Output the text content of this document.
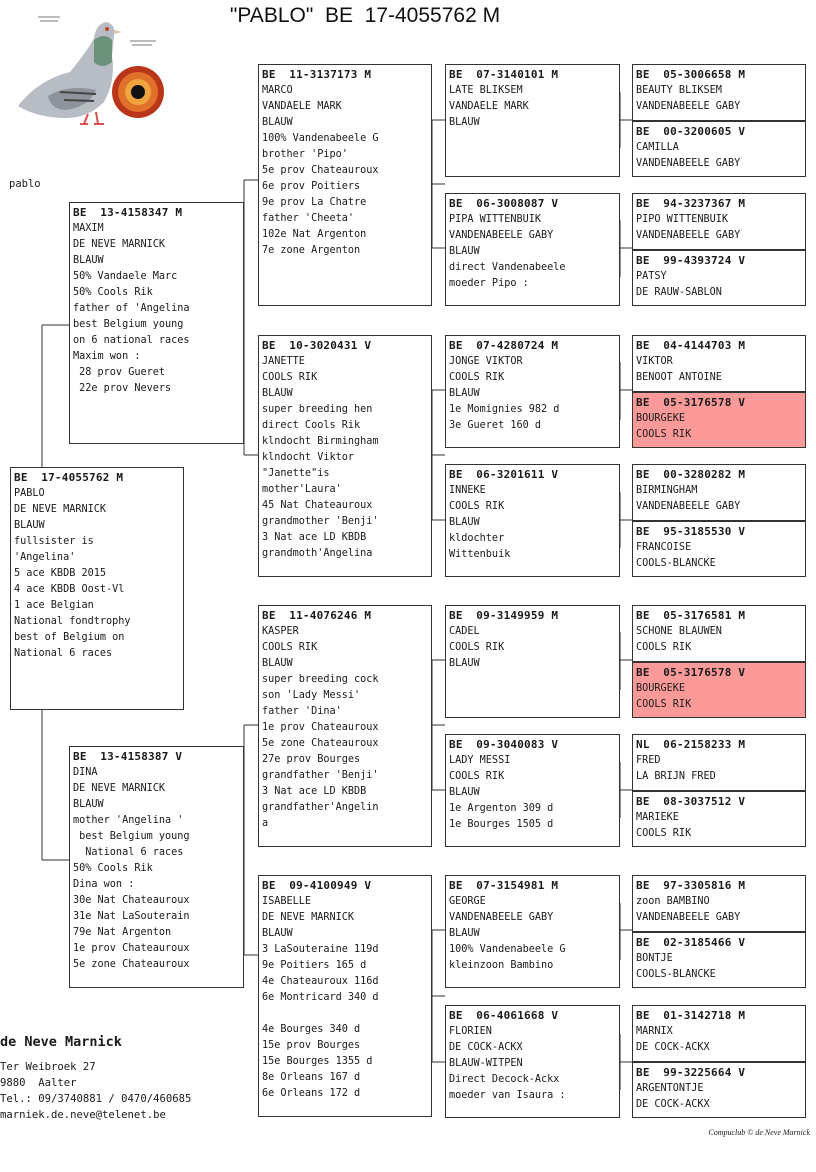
"PABLO"  BE  17-4055762 M
pablo
BE  17-4055762 M
PABLO
DE NEVE MARNICK
BLAUW
fullsister is
'Angelina'
5 ace KBDB 2015
4 ace KBDB Oost-Vl
1 ace Belgian
National fondtrophy
best of Belgium on
National 6 races
BE  13-4158347 M
MAXIM
DE NEVE MARNICK
BLAUW
50% Vandaele Marc
50% Cools Rik
father of 'Angelina
best Belgium young
on 6 national races
Maxim won :
28 prov Gueret
22e prov Nevers
BE  13-4158387 V
DINA
DE NEVE MARNICK
BLAUW
mother 'Angelina '
best Belgium young
National 6 races
50% Cools Rik
Dina won :
30e Nat Chateauroux
31e Nat LaSouterain
79e Nat Argenton
1e prov Chateauroux
5e zone Chateauroux
BE  11-3137173 M
MARCO
VANDAELE MARK
BLAUW
100% Vandenabeele G
brother 'Pipo'
5e prov Chateauroux
6e prov Poitiers
9e prov La Chatre
father 'Cheeta'
102e Nat Argenton
7e zone Argenton
BE  10-3020431 V
JANETTE
COOLS RIK
BLAUW
super breeding hen
direct Cools Rik
klndocht Birmingham
klndocht Viktor
"Janette"is
mother'Laura'
45 Nat Chateauroux
grandmother 'Benji'
3 Nat ace LD KBDB
grandmoth'Angelina
BE  11-4076246 M
KASPER
COOLS RIK
BLAUW
super breeding cock
son 'Lady Messi'
father 'Dina'
1e prov Chateauroux
5e zone Chateauroux
27e prov Bourges
grandfather 'Benji'
3 Nat ace LD KBDB
grandfather'Angelin
a
BE  09-4100949 V
ISABELLE
DE NEVE MARNICK
BLAUW
3 LaSouteraine 119d
9e Poitiers 165 d
4e Chateauroux 116d
6e Montricard 340 d

4e Bourges 340 d
15e prov Bourges
15e Bourges 1355 d
8e Orleans 167 d
6e Orleans 172 d
BE  07-3140101 M
LATE BLIKSEM
VANDAELE MARK
BLAUW
BE  06-3008087 V
PIPA WITTENBUIK
VANDENABEELE GABY
BLAUW
direct Vandenabeele
moeder Pipo :
BE  07-4280724 M
JONGE VIKTOR
COOLS RIK
BLAUW
1e Momignies 982 d
3e Gueret 160 d
BE  06-3201611 V
INNEKE
COOLS RIK
BLAUW
kldochter
Wittenbuik
BE  09-3149959 M
CADEL
COOLS RIK
BLAUW
BE  09-3040083 V
LADY MESSI
COOLS RIK
BLAUW
1e Argenton 309 d
1e Bourges 1505 d
BE  07-3154981 M
GEORGE
VANDENABEELE GABY
BLAUW
100% Vandenabeele G
kleinzoon Bambino
BE  06-4061668 V
FLORIEN
DE COCK-ACKX
BLAUW-WITPEN
Direct Decock-Ackx
moeder van Isaura :
BE  05-3006658 M
BEAUTY BLIKSEM
VANDENABEELE GABY
BE  00-3200605 V
CAMILLA
VANDENABEELE GABY
BE  94-3237367 M
PIPO WITTENBUIK
VANDENABEELE GABY
BE  99-4393724 V
PATSY
DE RAUW-SABLON
BE  04-4144703 M
VIKTOR
BENOOT ANTOINE
BE  05-3176578 V
BOURGEKE
COOLS RIK
BE  00-3280282 M
BIRMINGHAM
VANDENABEELE GABY
BE  95-3185530 V
FRANCOISE
COOLS-BLANCKE
BE  05-3176581 M
SCHONE BLAUWEN
COOLS RIK
BE  05-3176578 V
BOURGEKE
COOLS RIK
NL  06-2158233 M
FRED
LA BRIJN FRED
BE  08-3037512 V
MARIEKE
COOLS RIK
BE  97-3305816 M
zoon BAMBINO
VANDENABEELE GABY
BE  02-3185466 V
BONTJE
COOLS-BLANCKE
BE  01-3142718 M
MARNIX
DE COCK-ACKX
BE  99-3225664 V
ARGENTONTJE
DE COCK-ACKX
de Neve Marnick
Ter Weibroek 27
9880  Aalter
Tel.: 09/3740881 / 0470/460685
marniek.de.neve@telenet.be
Compuclub © de Neve Marnick
